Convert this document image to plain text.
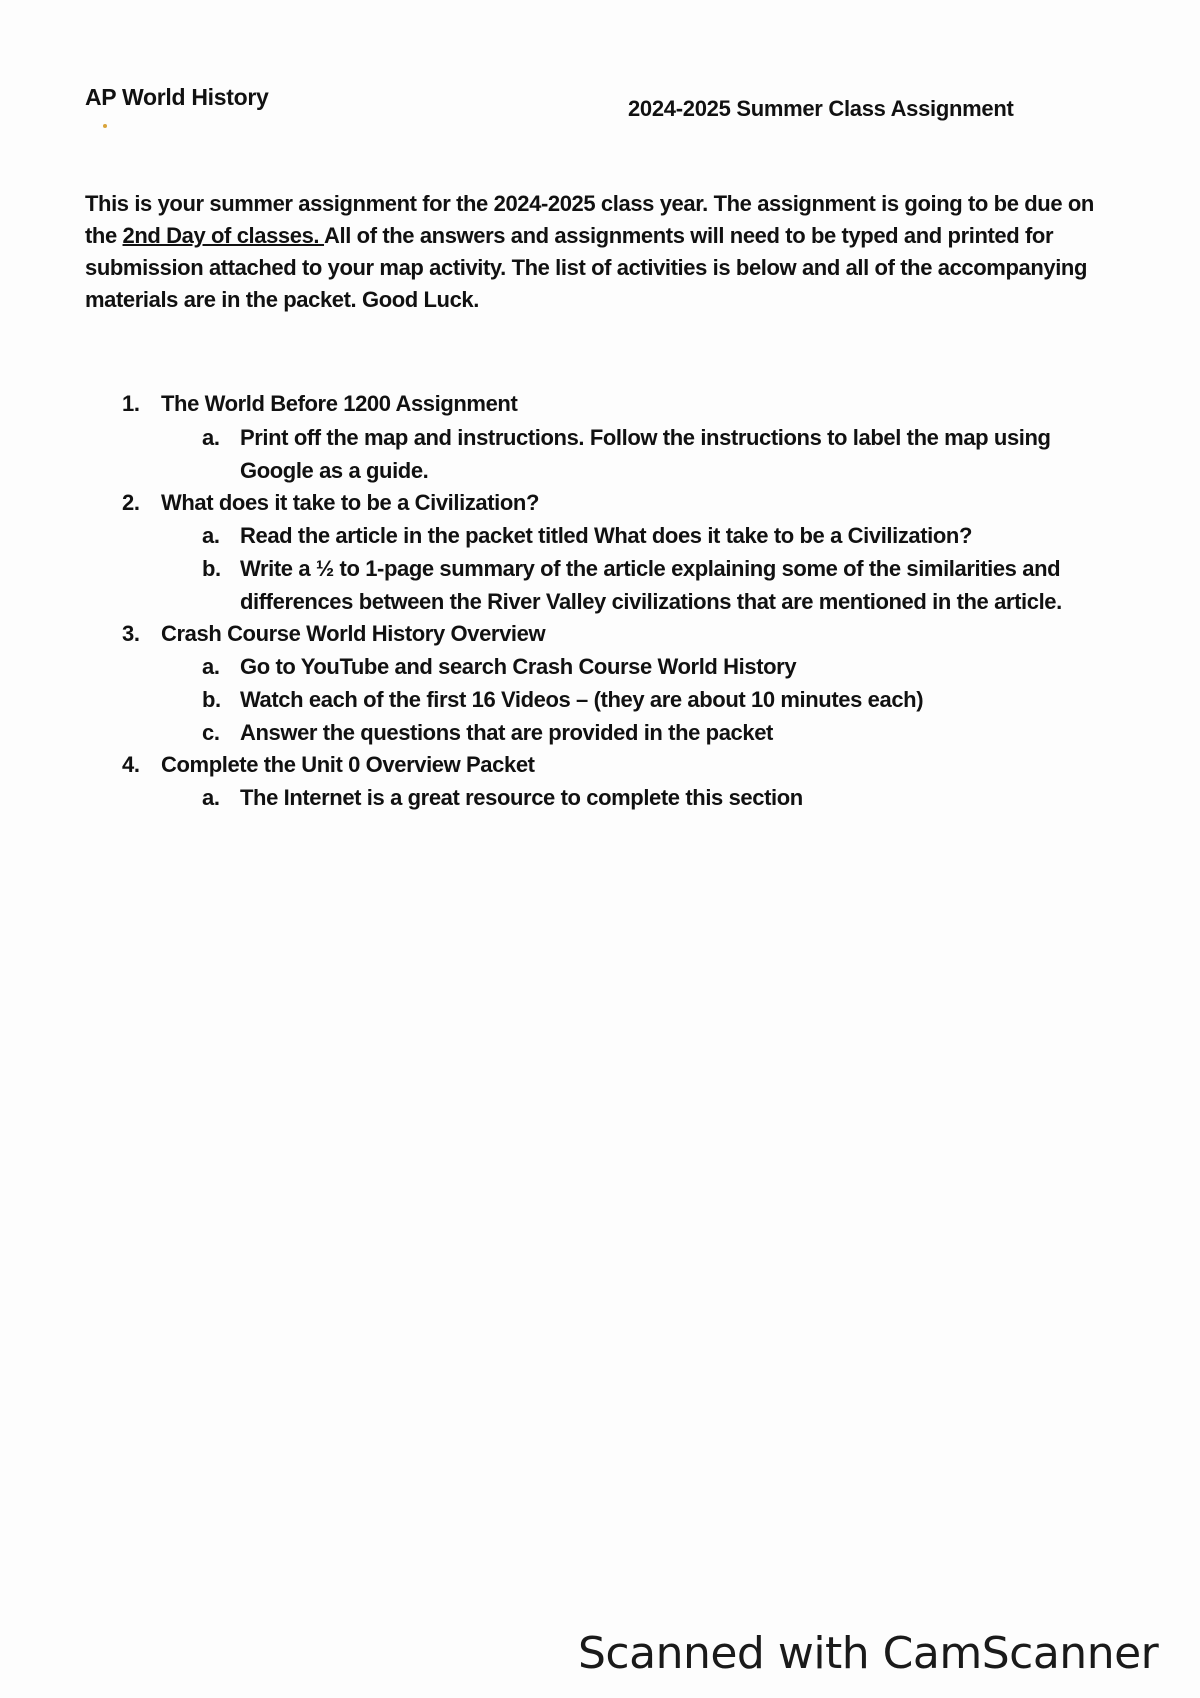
AP World History	2024-2025 Summer Class Assignment

This is your summer assignment for the 2024-2025 class year. The assignment is going to be due on the 2nd Day of classes. All of the answers and assignments will need to be typed and printed for submission attached to your map activity. The list of activities is below and all of the accompanying materials are in the packet. Good Luck.

1. The World Before 1200 Assignment
a. Print off the map and instructions. Follow the instructions to label the map using Google as a guide.
2. What does it take to be a Civilization?
a. Read the article in the packet titled What does it take to be a Civilization?
b. Write a ½ to 1-page summary of the article explaining some of the similarities and differences between the River Valley civilizations that are mentioned in the article.
3. Crash Course World History Overview
a. Go to YouTube and search Crash Course World History
b. Watch each of the first 16 Videos – (they are about 10 minutes each)
c. Answer the questions that are provided in the packet
4. Complete the Unit 0 Overview Packet
a. The Internet is a great resource to complete this section
Scanned with CamScanner
